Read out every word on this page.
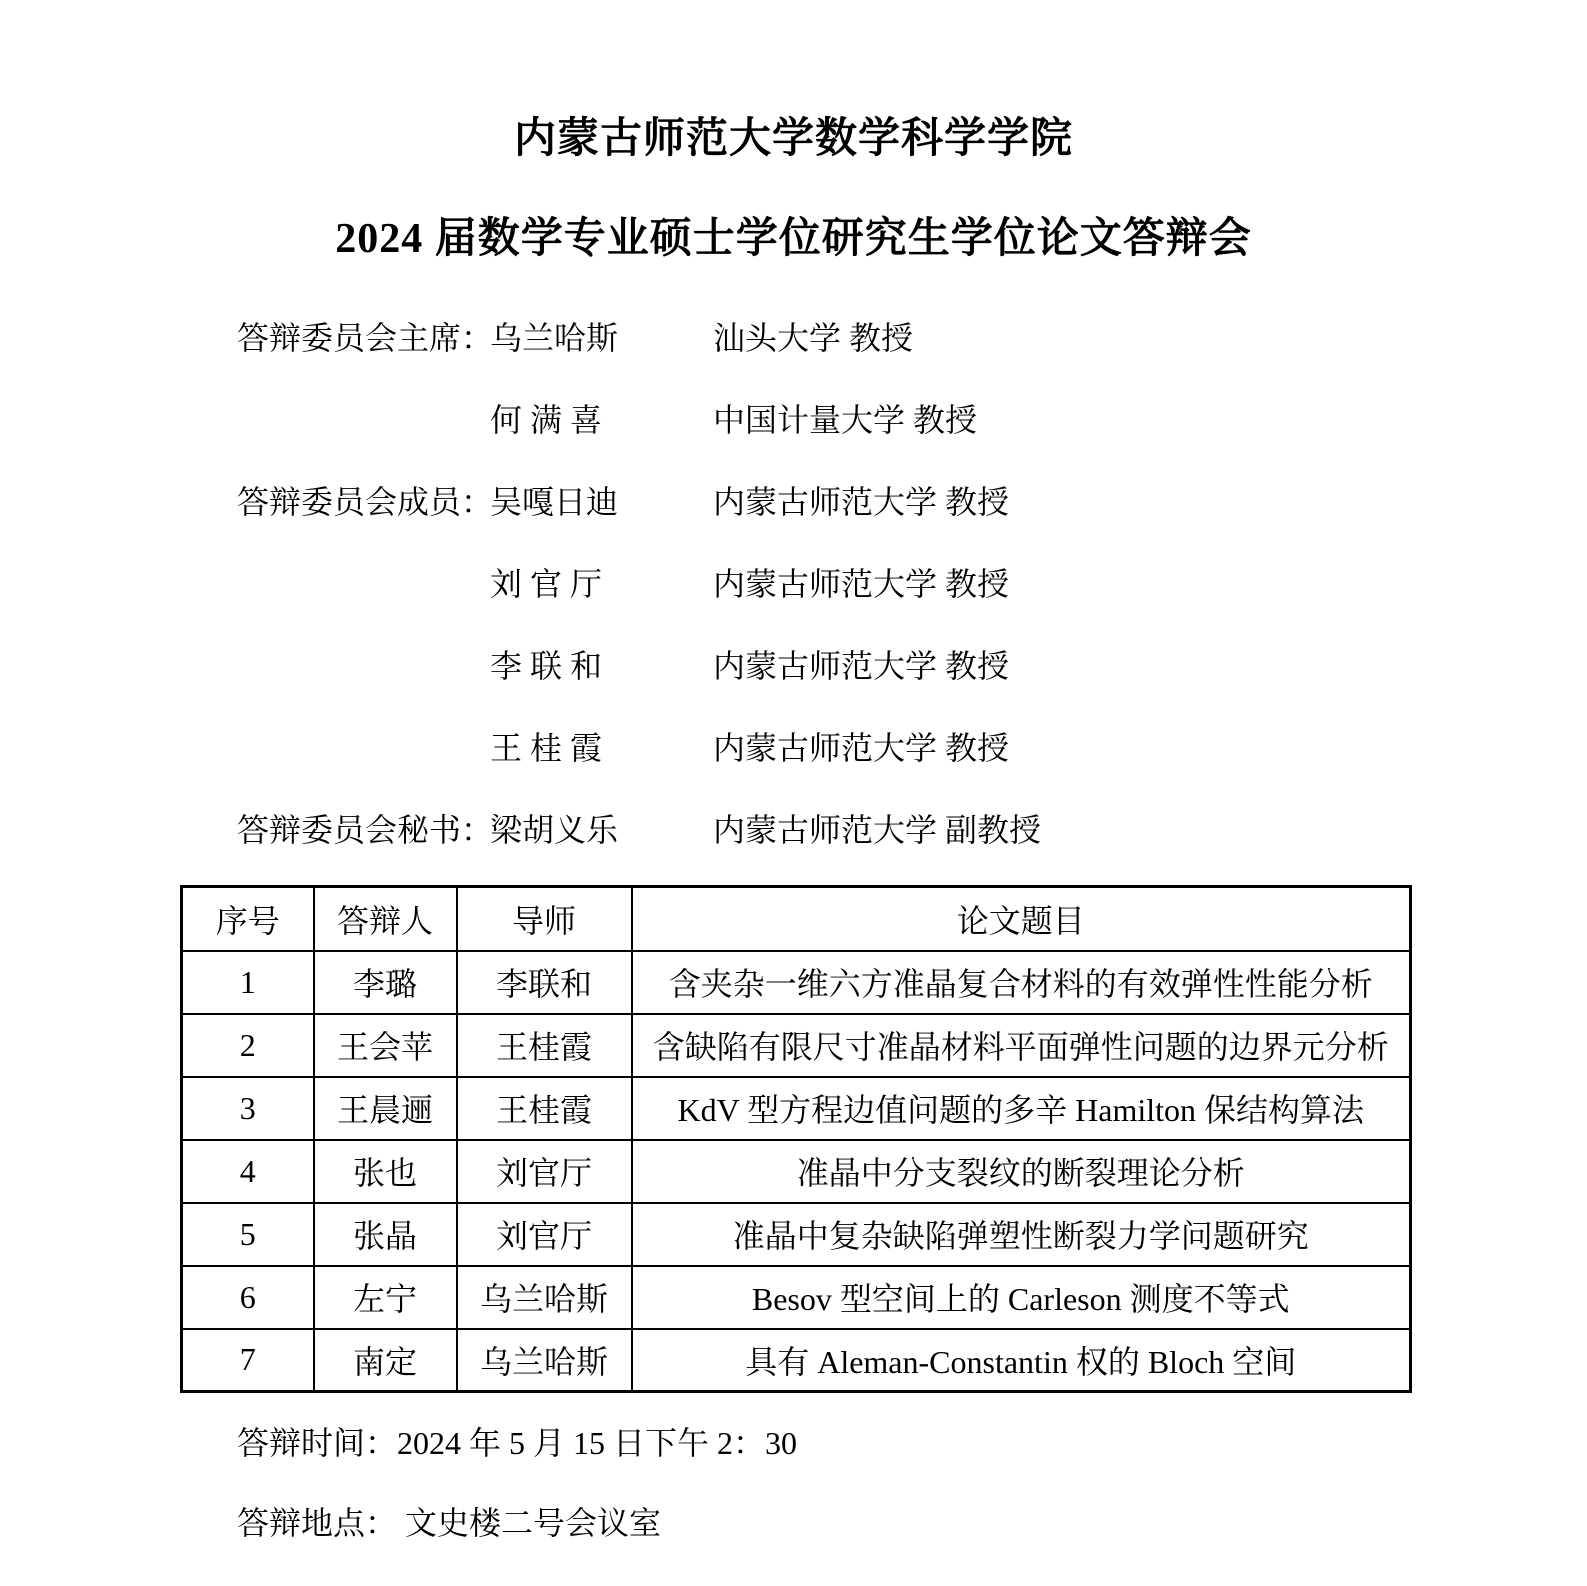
内蒙古师范大学数学科学学院
2024 届数学专业硕士学位研究生学位论文答辩会
答辩委员会主席：
乌兰哈斯	汕头大学 教授
何 满 喜	中国计量大学 教授
答辩委员会成员：
吴嘎日迪	内蒙古师范大学 教授
刘 官 厅	内蒙古师范大学 教授
李 联 和	内蒙古师范大学 教授
王 桂 霞	内蒙古师范大学 教授
答辩委员会秘书：
梁胡义乐	内蒙古师范大学 副教授
序号	答辩人	导师	论文题目
1	李璐	李联和	含夹杂一维六方准晶复合材料的有效弹性性能分析
2	王会苹	王桂霞	含缺陷有限尺寸准晶材料平面弹性问题的边界元分析
3	王晨逦	王桂霞	KdV 型方程边值问题的多辛 Hamilton 保结构算法
4	张也	刘官厅	准晶中分支裂纹的断裂理论分析
5	张晶	刘官厅	准晶中复杂缺陷弹塑性断裂力学问题研究
6	左宁	乌兰哈斯	Besov 型空间上的 Carleson 测度不等式
7	南定	乌兰哈斯	具有 Aleman-Constantin 权的 Bloch 空间
答辩时间：2024 年 5 月 15 日下午 2：30
答辩地点： 文史楼二号会议室
